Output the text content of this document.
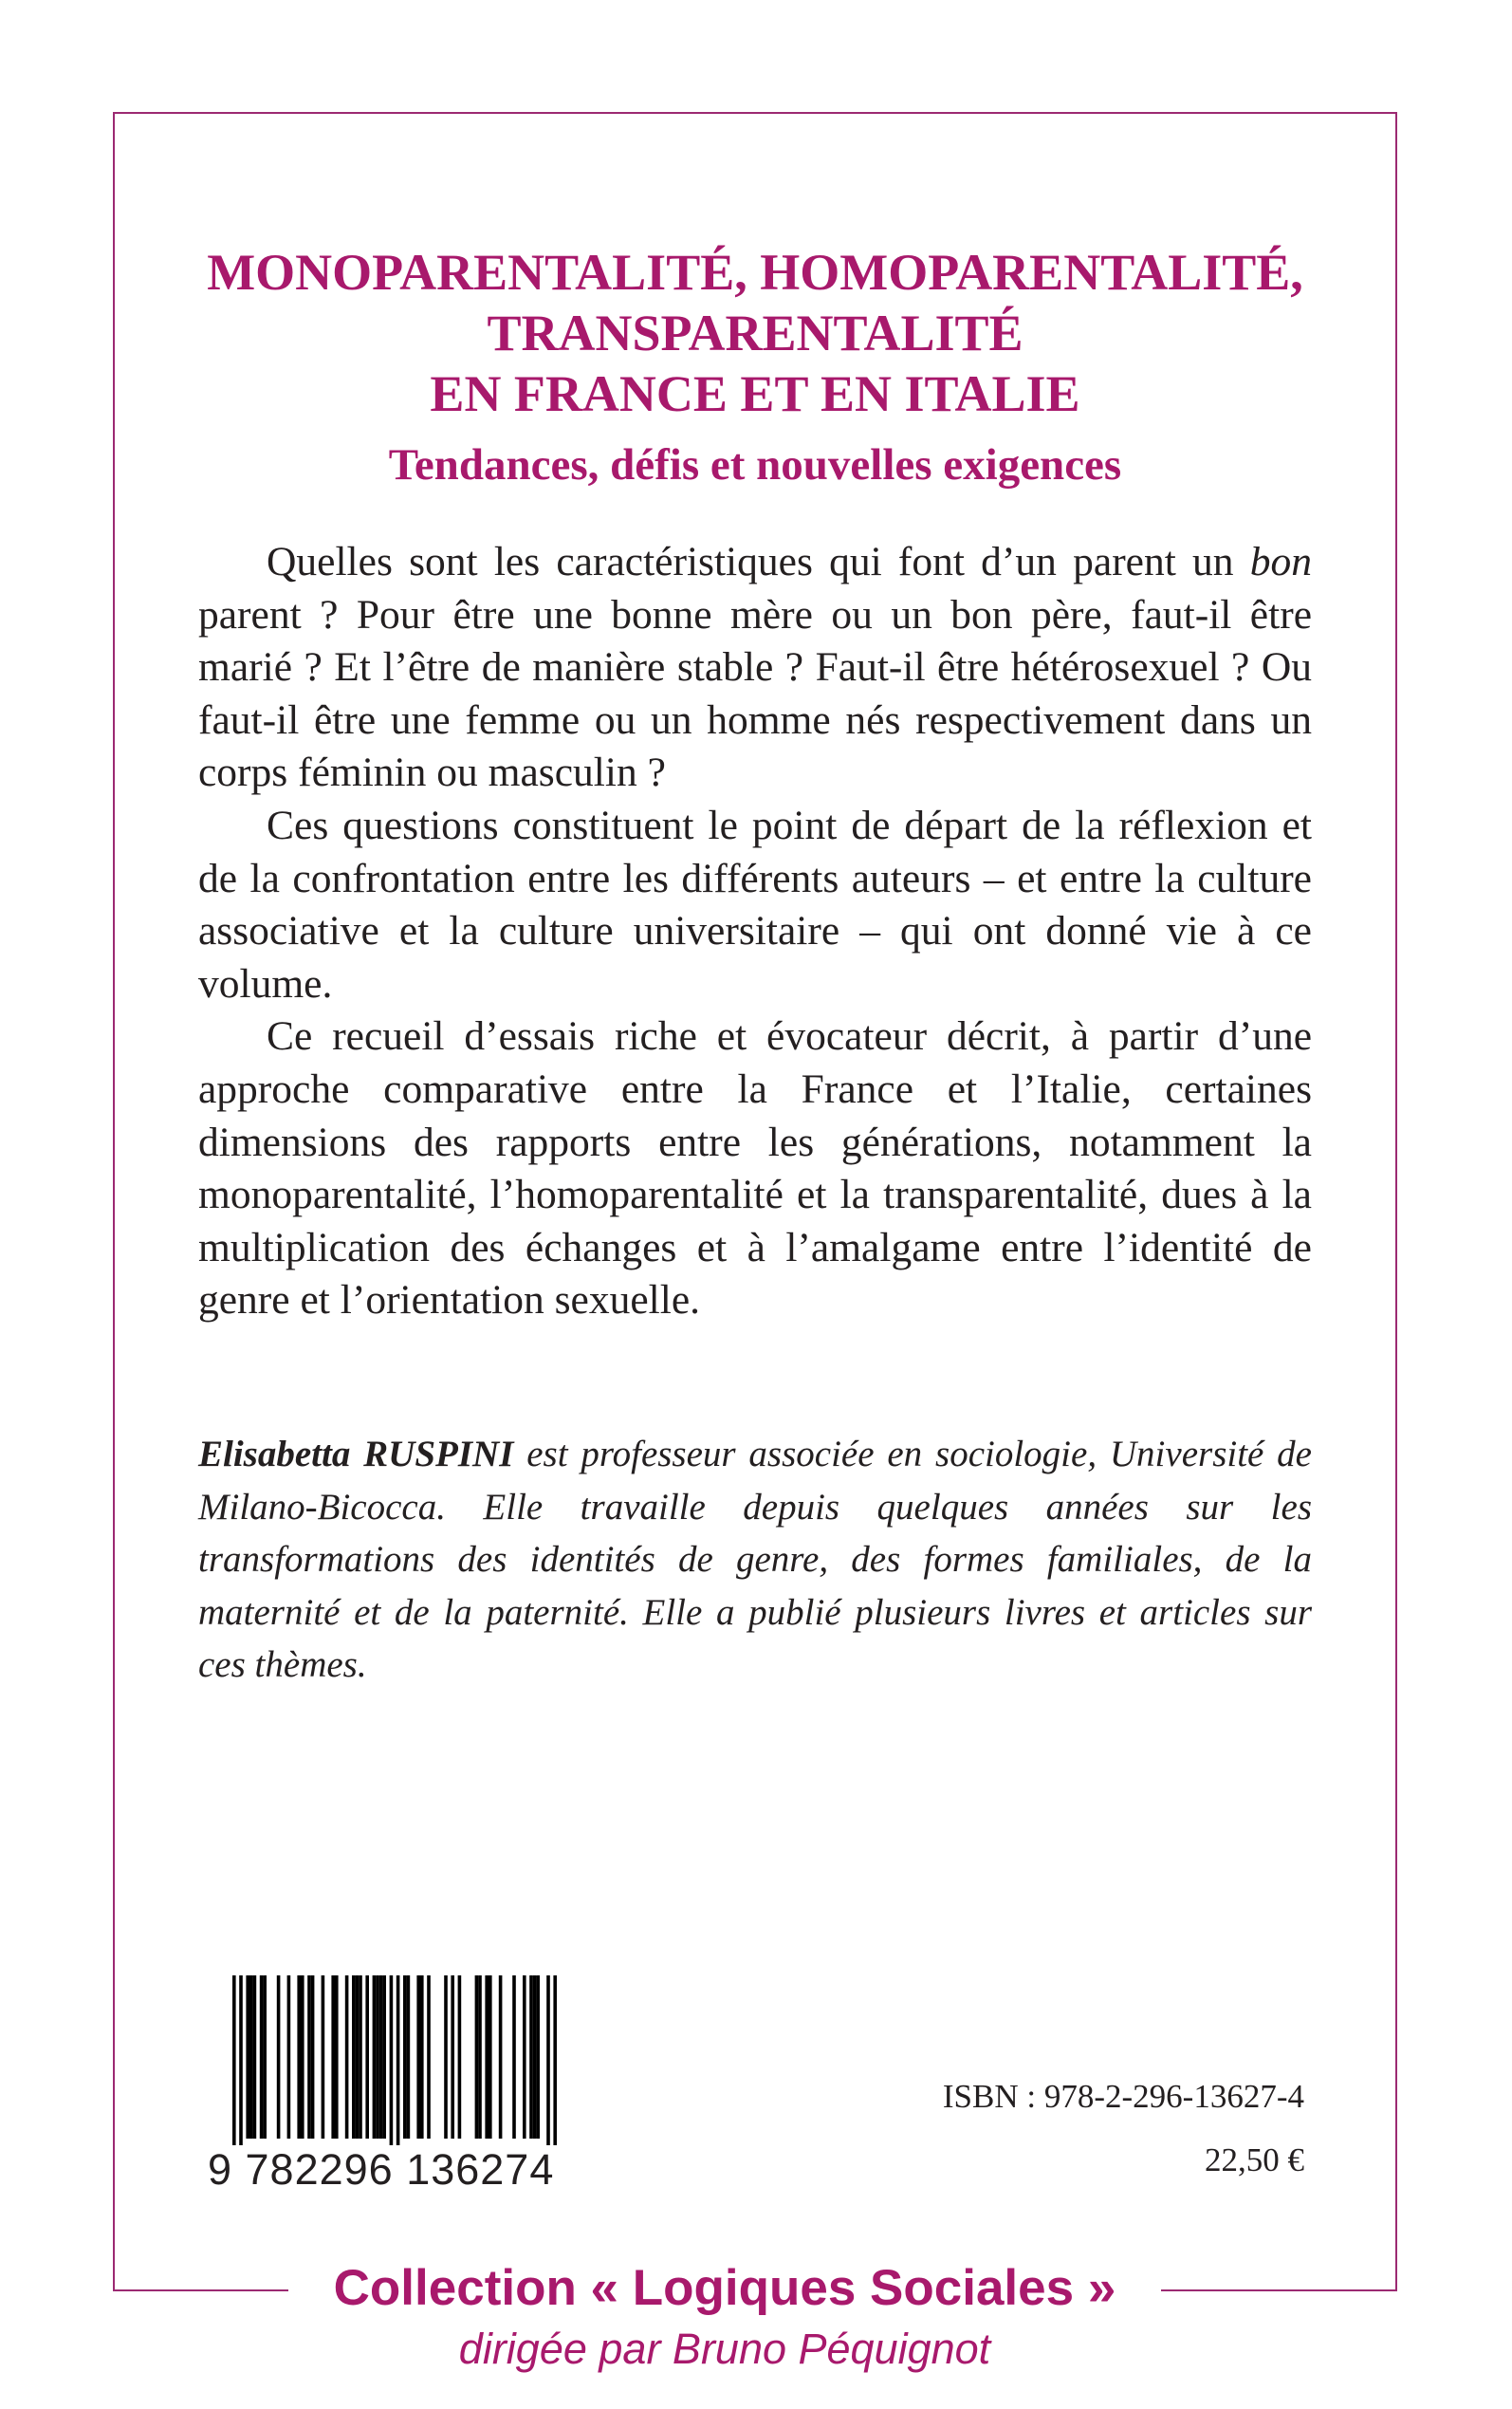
MONOPARENTALITÉ, HOMOPARENTALITÉ,
TRANSPARENTALITÉ
EN FRANCE ET EN ITALIE
Tendances, défis et nouvelles exigences

Quelles sont les caractéristiques qui font d’un parent un bon parent ? Pour être une bonne mère ou un bon père, faut-il être marié ? Et l’être de manière stable ? Faut-il être hétérosexuel ? Ou faut-il être une femme ou un homme nés respectivement dans un corps féminin ou masculin ?

Ces questions constituent le point de départ de la réflexion et de la confrontation entre les différents auteurs – et entre la culture associative et la culture universitaire – qui ont donné vie à ce volume.

Ce recueil d’essais riche et évocateur décrit, à partir d’une approche comparative entre la France et l’Italie, certaines dimensions des rapports entre les générations, notamment la monoparentalité, l’homoparentalité et la transparentalité, dues à la multiplication des échanges et à l’amalgame entre l’identité de genre et l’orientation sexuelle.

Elisabetta RUSPINI est professeur associée en sociologie, Université de Milano-Bicocca. Elle travaille depuis quelques années sur les transformations des identités de genre, des formes familiales, de la maternité et de la paternité. Elle a publié plusieurs livres et articles sur ces thèmes.
9 782296 136274
ISBN : 978-2-296-13627-4
22,50 €
Collection « Logiques Sociales »
dirigée par Bruno Péquignot
